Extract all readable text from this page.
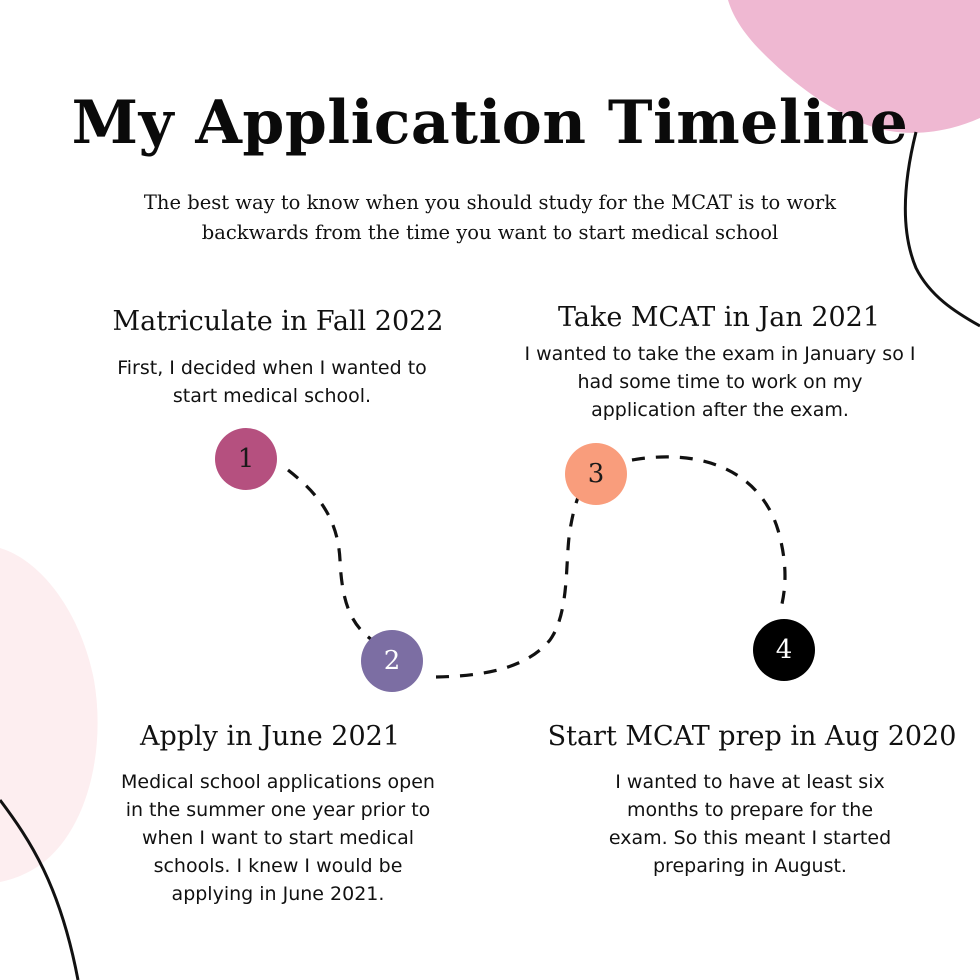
My Application Timeline
The best way to know when you should study for the MCAT is to work backwards from the time you want to start medical school
Matriculate in Fall 2022
First, I decided when I wanted to start medical school.
1
Take MCAT in Jan 2021
I wanted to take the exam in January so I had some time to work on my application after the exam.
3
2
Apply in June 2021
Medical school applications open in the summer one year prior to when I want to start medical schools. I knew I would be applying in June 2021.
4
Start MCAT prep in Aug 2020
I wanted to have at least six months to prepare for the exam. So this meant I started preparing in August.
